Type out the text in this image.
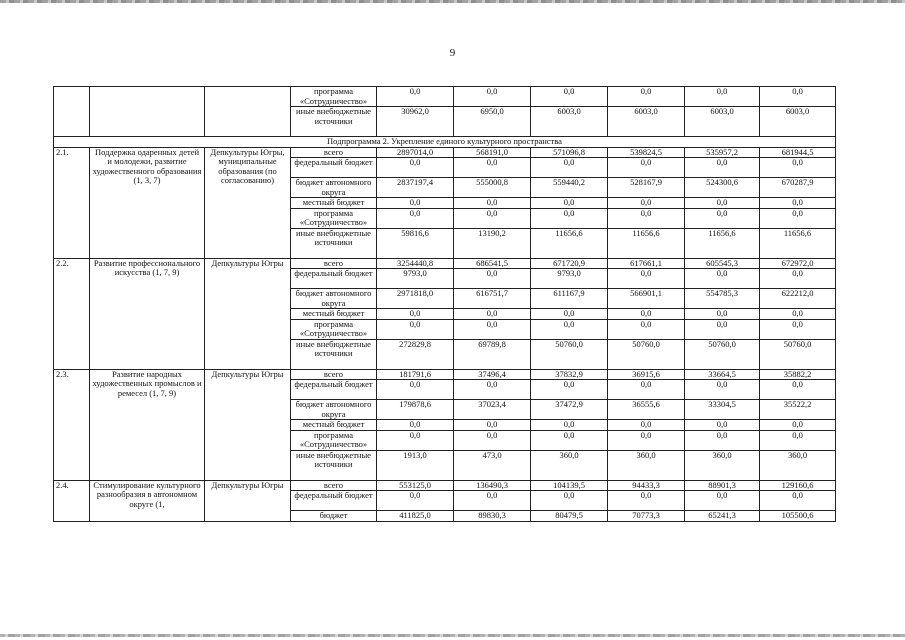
9
			программа «Сотрудничество»	0,0	0,0	0,0	0,0	0,0	0,0
			иные внебюджетные источники	30962,0	6950,0	6003,0	6003,0	6003,0	6003,0
Подпрограмма 2. Укрепление единого культурного пространства									
2.1.	Поддержка одаренных детей и молодежи, развитие художественного образования (1, 3, 7)	Депкультуры Югры, муниципальные образования (по согласованию)	всего	2897014,0	568191,0	571096,8	539824,5	535957,2	681944,5
			федеральный бюджет	0,0	0,0	0,0	0,0	0,0	0,0
			бюджет автономного округа	2837197,4	555000,8	559440,2	528167,9	524300,6	670287,9
			местный бюджет	0,0	0,0	0,0	0,0	0,0	0,0
			программа «Сотрудничество»	0,0	0,0	0,0	0,0	0,0	0,0
			иные внебюджетные источники	59816,6	13190,2	11656,6	11656,6	11656,6	11656,6
2.2.	Развитие профессионального искусства (1, 7, 9)	Депкультуры Югры	всего	3254440,8	686541,5	671720,9	617661,1	605545,3	672972,0
			федеральный бюджет	9793,0	0,0	9793,0	0,0	0,0	0,0
			бюджет автономного округа	2971818,0	616751,7	611167,9	566901,1	554785,3	622212,0
			местный бюджет	0,0	0,0	0,0	0,0	0,0	0,0
			программа «Сотрудничество»	0,0	0,0	0,0	0,0	0,0	0,0
			иные внебюджетные источники	272829,8	69789,8	50760,0	50760,0	50760,0	50760,0
2.3.	Развитие народных художественных промыслов и ремесел (1, 7, 9)	Депкультуры Югры	всего	181791,6	37496,4	37832,9	36915,6	33664,5	35882,2
			федеральный бюджет	0,0	0,0	0,0	0,0	0,0	0,0
			бюджет автономного округа	179878,6	37023,4	37472,9	36555,6	33304,5	35522,2
			местный бюджет	0,0	0,0	0,0	0,0	0,0	0,0
			программа «Сотрудничество»	0,0	0,0	0,0	0,0	0,0	0,0
			иные внебюджетные источники	1913,0	473,0	360,0	360,0	360,0	360,0
2.4.	Стимулирование культурного разнообразия в автономном округе (1,	Депкультуры Югры	всего	553125,0	136490,3	104139,5	94433,3	88901,3	129160,6
			федеральный бюджет	0,0	0,0	0,0	0,0	0,0	0,0
			бюджет	411825,0	89830,3	80479,5	70773,3	65241,3	105500,6
